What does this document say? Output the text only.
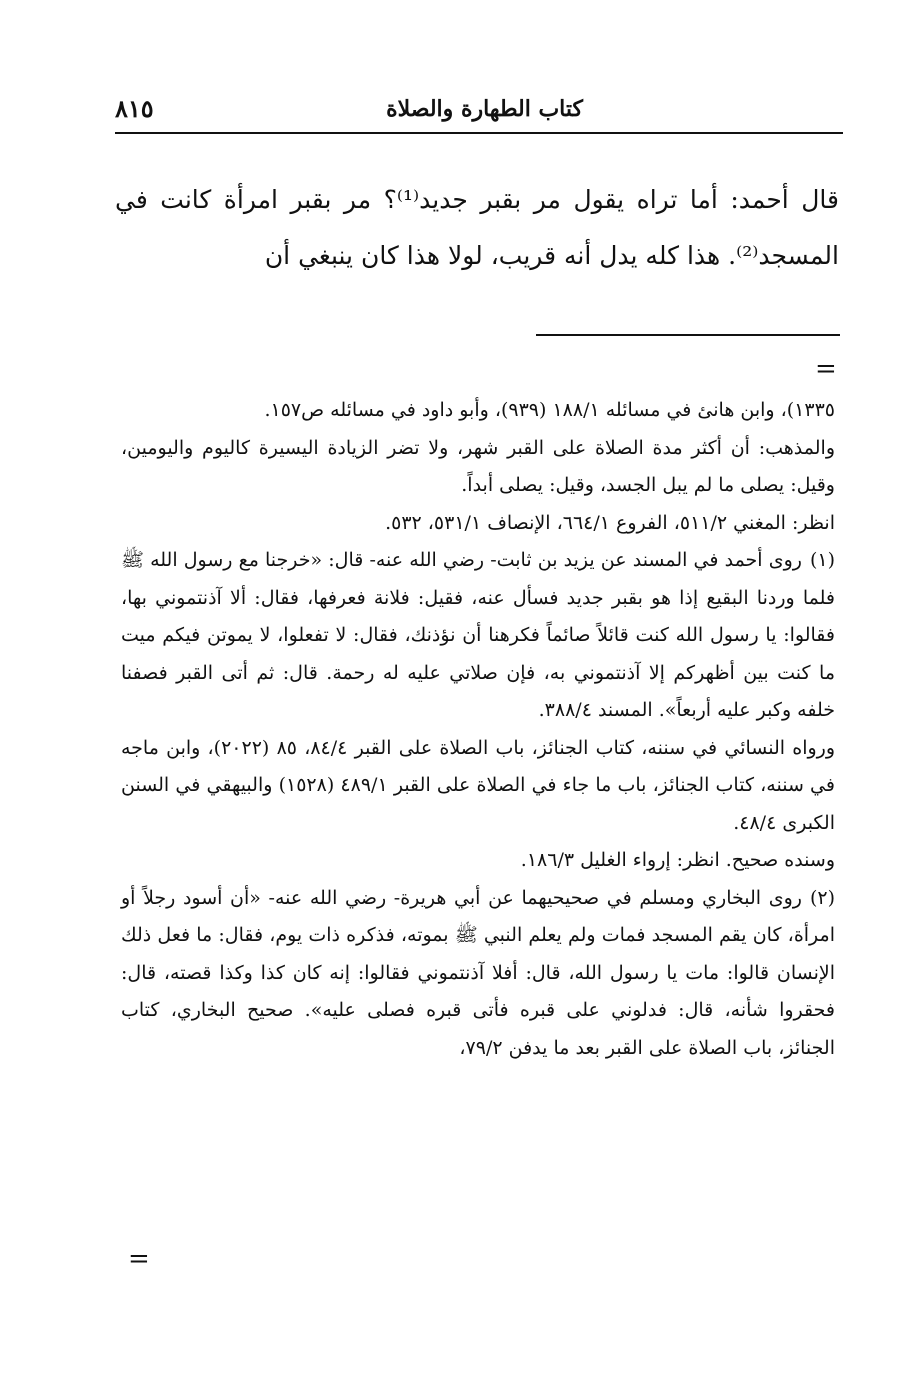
كتاب الطهارة والصلاة
٨١٥

قال أحمد: أما تراه يقول مر بقبر جديد⁽¹⁾؟ مر بقبر امرأة كانت في المسجد⁽²⁾. هذا كله يدل أنه قريب، لولا هذا كان ينبغي أن

=

١٣٣٥)، وابن هانئ في مسائله ١٨٨/١ (٩٣٩)، وأبو داود في مسائله ص١٥٧.

والمذهب: أن أكثر مدة الصلاة على القبر شهر، ولا تضر الزيادة اليسيرة كاليوم واليومين، وقيل: يصلى ما لم يبل الجسد، وقيل: يصلى أبداً.

انظر: المغني ٥١١/٢، الفروع ٦٦٤/١، الإنصاف ٥٣١/١، ٥٣٢.

(١)روى أحمد في المسند عن يزيد بن ثابت- رضي الله عنه- قال: «خرجنا مع رسول الله ﷺ فلما وردنا البقيع إذا هو بقبر جديد فسأل عنه، فقيل: فلانة فعرفها، فقال: ألا آذنتموني بها، فقالوا: يا رسول الله كنت قائلاً صائماً فكرهنا أن نؤذنك، فقال: لا تفعلوا، لا يموتن فيكم ميت ما كنت بين أظهركم إلا آذنتموني به، فإن صلاتي عليه له رحمة. قال: ثم أتى القبر فصفنا خلفه وكبر عليه أربعاً». المسند ٣٨٨/٤.

ورواه النسائي في سننه، كتاب الجنائز، باب الصلاة على القبر ٨٤/٤، ٨٥ (٢٠٢٢)، وابن ماجه في سننه، كتاب الجنائز، باب ما جاء في الصلاة على القبر ٤٨٩/١ (١٥٢٨) والبيهقي في السنن الكبرى ٤٨/٤.

وسنده صحيح. انظر: إرواء الغليل ١٨٦/٣.

(٢)روى البخاري ومسلم في صحيحيهما عن أبي هريرة- رضي الله عنه- «أن أسود رجلاً أو امرأة، كان يقم المسجد فمات ولم يعلم النبي ﷺ بموته، فذكره ذات يوم، فقال: ما فعل ذلك الإنسان قالوا: مات يا رسول الله، قال: أفلا آذنتموني فقالوا: إنه كان كذا وكذا قصته، قال: فحقروا شأنه، قال: فدلوني على قبره فأتى قبره فصلى عليه». صحيح البخاري، كتاب الجنائز، باب الصلاة على القبر بعد ما يدفن ٧٩/٢،

=
